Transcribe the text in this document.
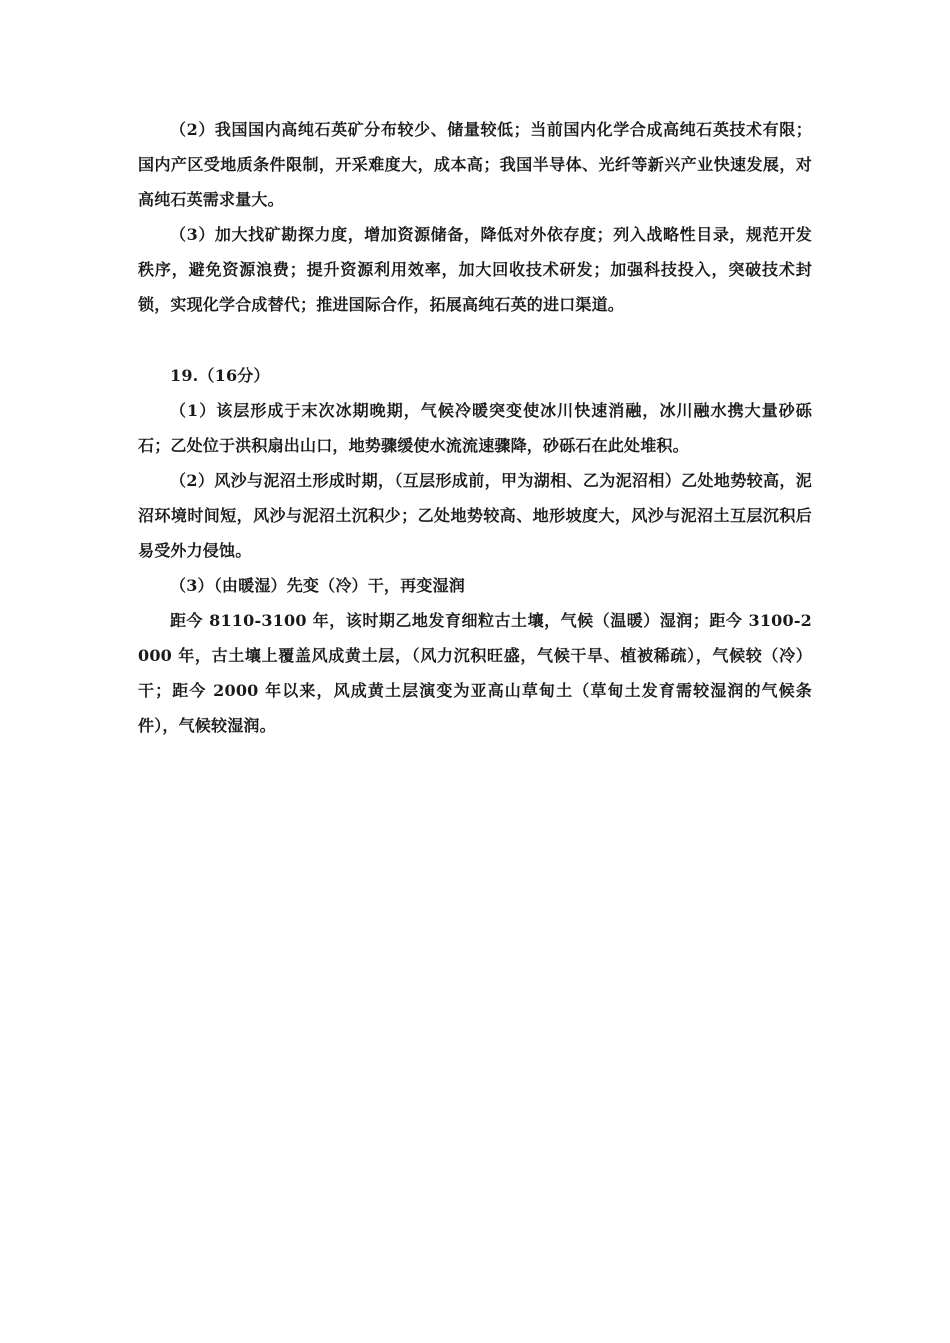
（2）我国国内高纯石英矿分布较少、储量较低；当前国内化学合成高纯石英技术有限；国内产区受地质条件限制，开采难度大，成本高；我国半导体、光纤等新兴产业快速发展，对高纯石英需求量大。

（3）加大找矿勘探力度，增加资源储备，降低对外依存度；列入战略性目录，规范开发秩序，避免资源浪费；提升资源利用效率，加大回收技术研发；加强科技投入，突破技术封锁，实现化学合成替代；推进国际合作，拓展高纯石英的进口渠道。

19.（16分）

（1）该层形成于末次冰期晚期，气候冷暖突变使冰川快速消融，冰川融水携大量砂砾石；乙处位于洪积扇出山口，地势骤缓使水流流速骤降，砂砾石在此处堆积。

（2）风沙与泥沼土形成时期，（互层形成前，甲为湖相、乙为泥沼相）乙处地势较高，泥沼环境时间短，风沙与泥沼土沉积少；乙处地势较高、地形坡度大，风沙与泥沼土互层沉积后易受外力侵蚀。

（3）（由暖湿）先变（冷）干，再变湿润

距今 8110-3100 年，该时期乙地发育细粒古土壤，气候（温暖）湿润；距今 3100-2000 年，古土壤上覆盖风成黄土层，（风力沉积旺盛，气候干旱、植被稀疏），气候较（冷）干；距今 2000 年以来，风成黄土层演变为亚高山草甸土（草甸土发育需较湿润的气候条件），气候较湿润。
